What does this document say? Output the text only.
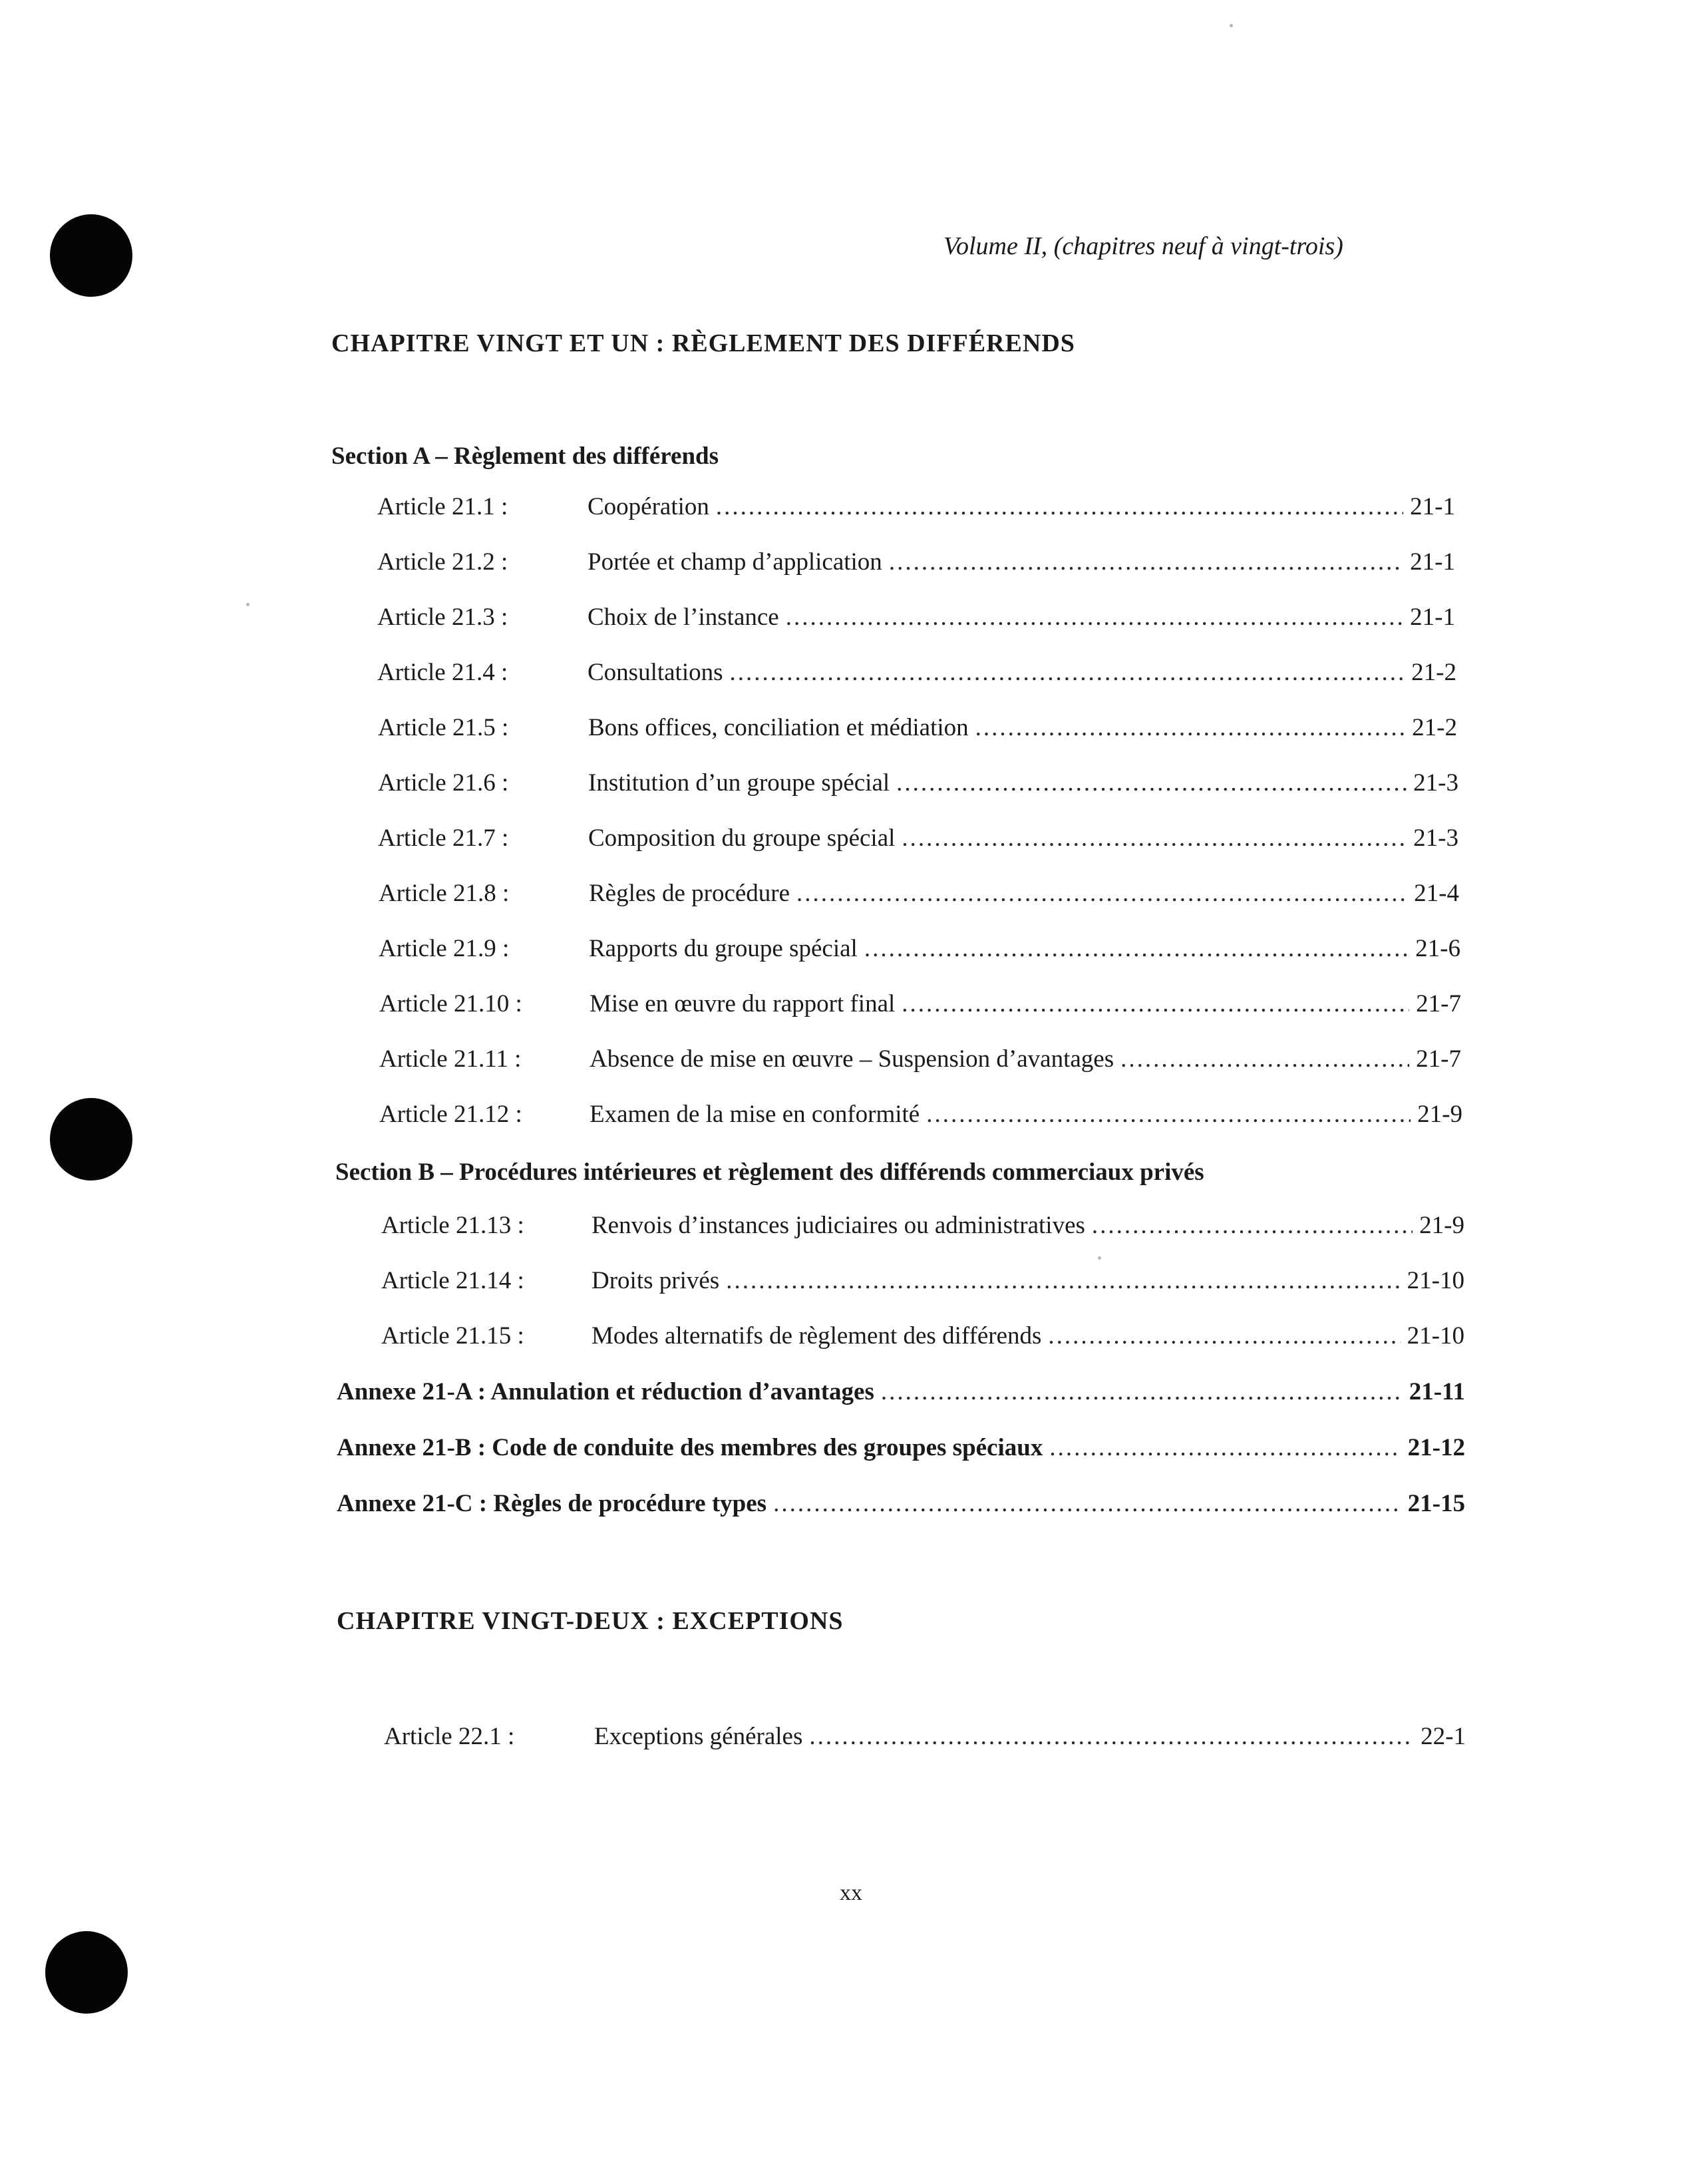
Volume II, (chapitres neuf à vingt-trois)
CHAPITRE VINGT ET UN : RÈGLEMENT DES DIFFÉRENDS
Section A – Règlement des différends
Article 21.1 :	Coopération .....	21-1
Article 21.2 :	Portée et champ d’application .....	21-1
Article 21.3 :	Choix de l’instance .....	21-1
Article 21.4 :	Consultations .....	21-2
Article 21.5 :	Bons offices, conciliation et médiation .....	21-2
Article 21.6 :	Institution d’un groupe spécial .....	21-3
Article 21.7 :	Composition du groupe spécial .....	21-3
Article 21.8 :	Règles de procédure .....	21-4
Article 21.9 :	Rapports du groupe spécial .....	21-6
Article 21.10 :	Mise en œuvre du rapport final .....	21-7
Article 21.11 :	Absence de mise en œuvre – Suspension d’avantages .....	21-7
Article 21.12 :	Examen de la mise en conformité .....	21-9
Section B – Procédures intérieures et règlement des différends commerciaux privés
Article 21.13 :	Renvois d’instances judiciaires ou administratives .....	21-9
Article 21.14 :	Droits privés .....	21-10
Article 21.15 :	Modes alternatifs de règlement des différends .....	21-10
Annexe 21-A : Annulation et réduction d’avantages .....	21-11
Annexe 21-B : Code de conduite des membres des groupes spéciaux .....	21-12
Annexe 21-C : Règles de procédure types .....	21-15
CHAPITRE VINGT-DEUX : EXCEPTIONS
Article 22.1 :	Exceptions générales .....	22-1
xx
